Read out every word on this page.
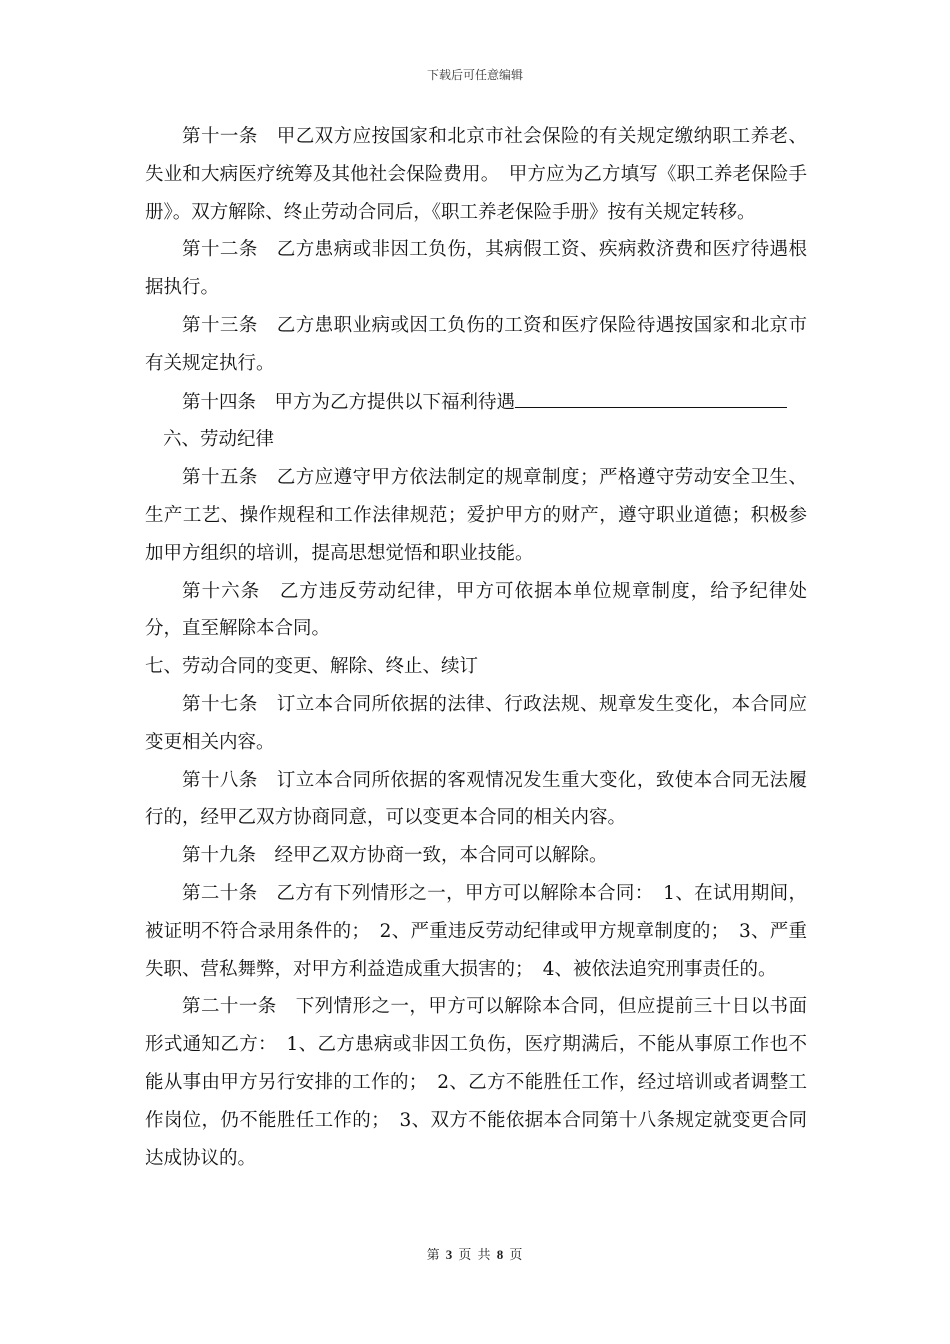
下载后可任意编辑

第十一条　甲乙双方应按国家和北京市社会保险的有关规定缴纳职工养老、失业和大病医疗统筹及其他社会保险费用。　甲方应为乙方填写《职工养老保险手册》。双方解除、终止劳动合同后，《职工养老保险手册》按有关规定转移。

第十二条　乙方患病或非因工负伤，其病假工资、疾病救济费和医疗待遇根据执行。

第十三条　乙方患职业病或因工负伤的工资和医疗保险待遇按国家和北京市有关规定执行。

第十四条　甲方为乙方提供以下福利待遇

六、劳动纪律

第十五条　乙方应遵守甲方依法制定的规章制度；严格遵守劳动安全卫生、生产工艺、操作规程和工作法律规范；爱护甲方的财产，遵守职业道德；积极参加甲方组织的培训，提高思想觉悟和职业技能。

第十六条　乙方违反劳动纪律，甲方可依据本单位规章制度，给予纪律处分，直至解除本合同。

七、劳动合同的变更、解除、终止、续订

第十七条　订立本合同所依据的法律、行政法规、规章发生变化，本合同应变更相关内容。

第十八条　订立本合同所依据的客观情况发生重大变化，致使本合同无法履行的，经甲乙双方协商同意，可以变更本合同的相关内容。

第十九条　经甲乙双方协商一致，本合同可以解除。

第二十条　乙方有下列情形之一，甲方可以解除本合同：　1、在试用期间，被证明不符合录用条件的；　2、严重违反劳动纪律或甲方规章制度的；　3、严重失职、营私舞弊，对甲方利益造成重大损害的；　4、被依法追究刑事责任的。

第二十一条　下列情形之一，甲方可以解除本合同，但应提前三十日以书面形式通知乙方：　1、乙方患病或非因工负伤，医疗期满后，不能从事原工作也不能从事由甲方另行安排的工作的；　2、乙方不能胜任工作，经过培训或者调整工作岗位，仍不能胜任工作的；　3、双方不能依据本合同第十八条规定就变更合同达成协议的。

第 3 页 共 8 页
